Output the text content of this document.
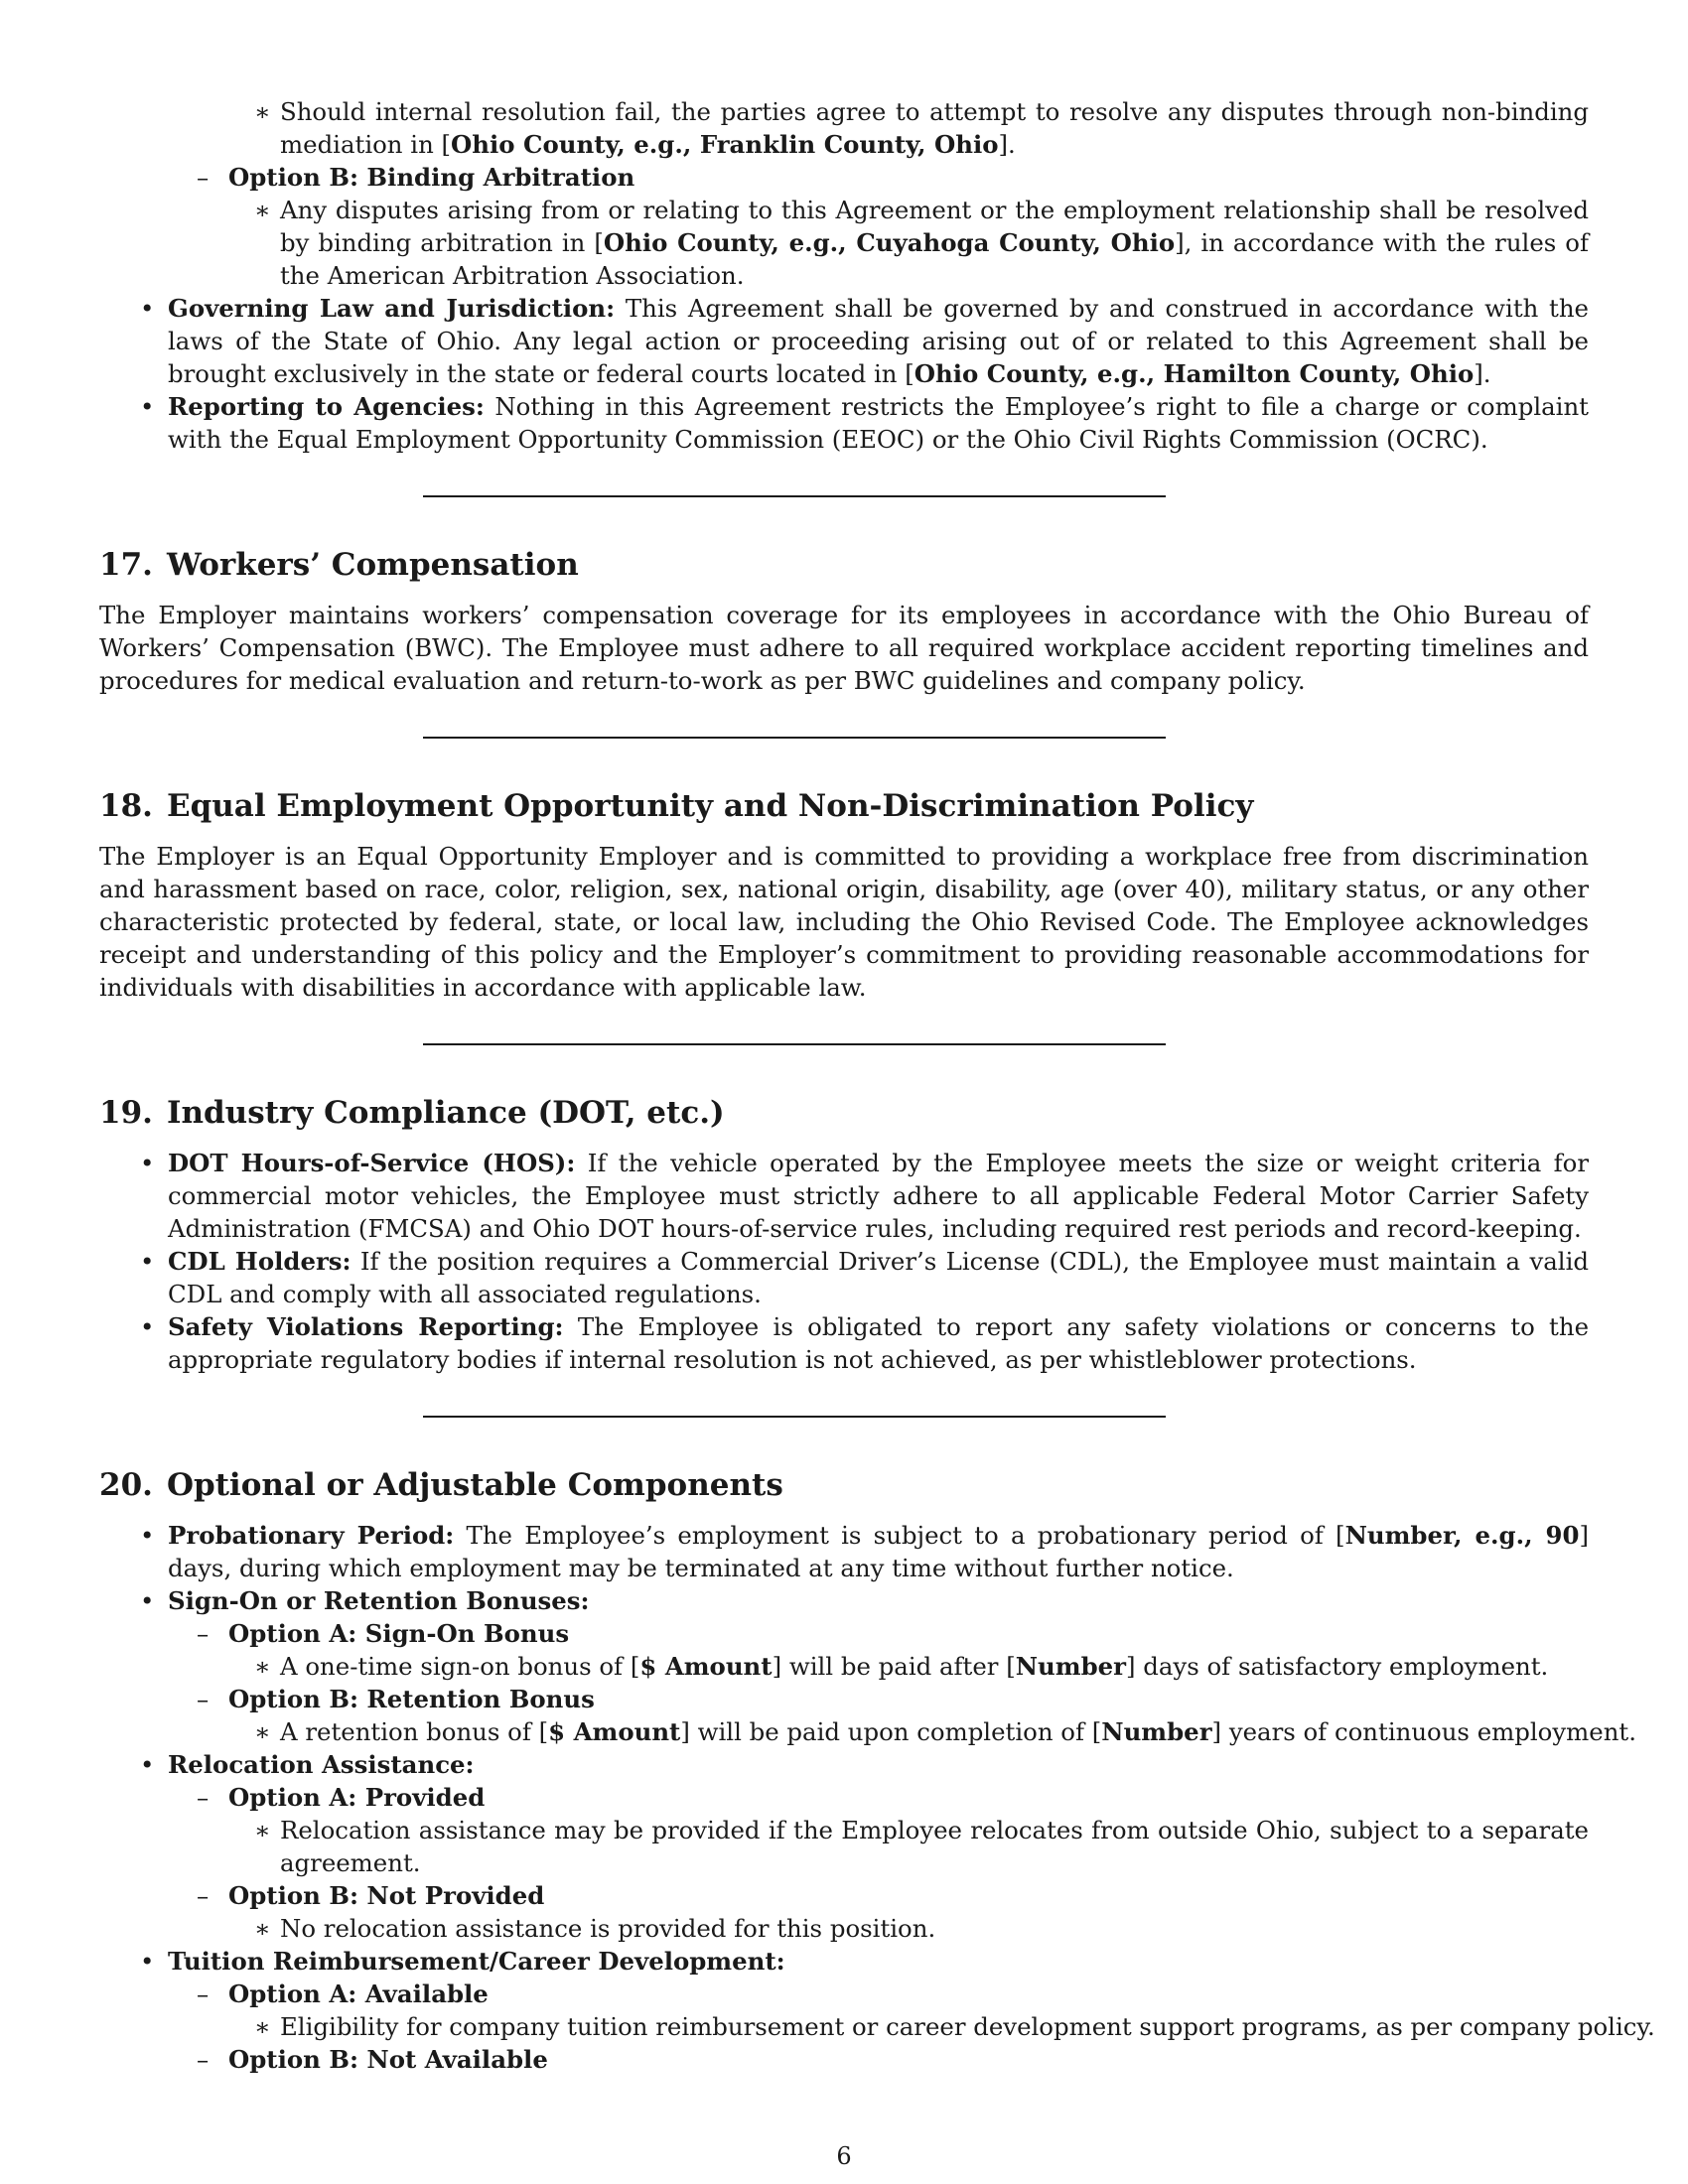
∗ Should internal resolution fail, the parties agree to attempt to resolve any disputes through non-binding mediation in [Ohio County, e.g., Franklin County, Ohio].
– Option B: Binding Arbitration
∗ Any disputes arising from or relating to this Agreement or the employment relationship shall be resolved by binding arbitration in [Ohio County, e.g., Cuyahoga County, Ohio], in accordance with the rules of the American Arbitration Association.
• Governing Law and Jurisdiction: This Agreement shall be governed by and construed in accordance with the laws of the State of Ohio. Any legal action or proceeding arising out of or related to this Agreement shall be brought exclusively in the state or federal courts located in [Ohio County, e.g., Hamilton County, Ohio].
• Reporting to Agencies: Nothing in this Agreement restricts the Employee’s right to file a charge or complaint with the Equal Employment Opportunity Commission (EEOC) or the Ohio Civil Rights Commission (OCRC).
17. Workers’ Compensation

The Employer maintains workers’ compensation coverage for its employees in accordance with the Ohio Bureau of Workers’ Compensation (BWC). The Employee must adhere to all required workplace accident reporting timelines and procedures for medical evaluation and return-to-work as per BWC guidelines and company policy.

18. Equal Employment Opportunity and Non-Discrimination Policy

The Employer is an Equal Opportunity Employer and is committed to providing a workplace free from discrimination and harassment based on race, color, religion, sex, national origin, disability, age (over 40), military status, or any other characteristic protected by federal, state, or local law, including the Ohio Revised Code. The Employee acknowledges receipt and understanding of this policy and the Employer’s commitment to providing reasonable accommodations for individuals with disabilities in accordance with applicable law.

19. Industry Compliance (DOT, etc.)
• DOT Hours-of-Service (HOS): If the vehicle operated by the Employee meets the size or weight criteria for commercial motor vehicles, the Employee must strictly adhere to all applicable Federal Motor Carrier Safety Administration (FMCSA) and Ohio DOT hours-of-service rules, including required rest periods and record-keeping.
• CDL Holders: If the position requires a Commercial Driver’s License (CDL), the Employee must maintain a valid CDL and comply with all associated regulations.
• Safety Violations Reporting: The Employee is obligated to report any safety violations or concerns to the appropriate regulatory bodies if internal resolution is not achieved, as per whistleblower protections.
20. Optional or Adjustable Components
• Probationary Period: The Employee’s employment is subject to a probationary period of [Number, e.g., 90] days, during which employment may be terminated at any time without further notice.
• Sign-On or Retention Bonuses:
– Option A: Sign-On Bonus
∗ A one-time sign-on bonus of [$ Amount] will be paid after [Number] days of satisfactory employment.
– Option B: Retention Bonus
∗ A retention bonus of [$ Amount] will be paid upon completion of [Number] years of continuous employment.
• Relocation Assistance:
– Option A: Provided
∗ Relocation assistance may be provided if the Employee relocates from outside Ohio, subject to a separate agreement.
– Option B: Not Provided
∗ No relocation assistance is provided for this position.
• Tuition Reimbursement/Career Development:
– Option A: Available
∗ Eligibility for company tuition reimbursement or career development support programs, as per company policy.
– Option B: Not Available
6
